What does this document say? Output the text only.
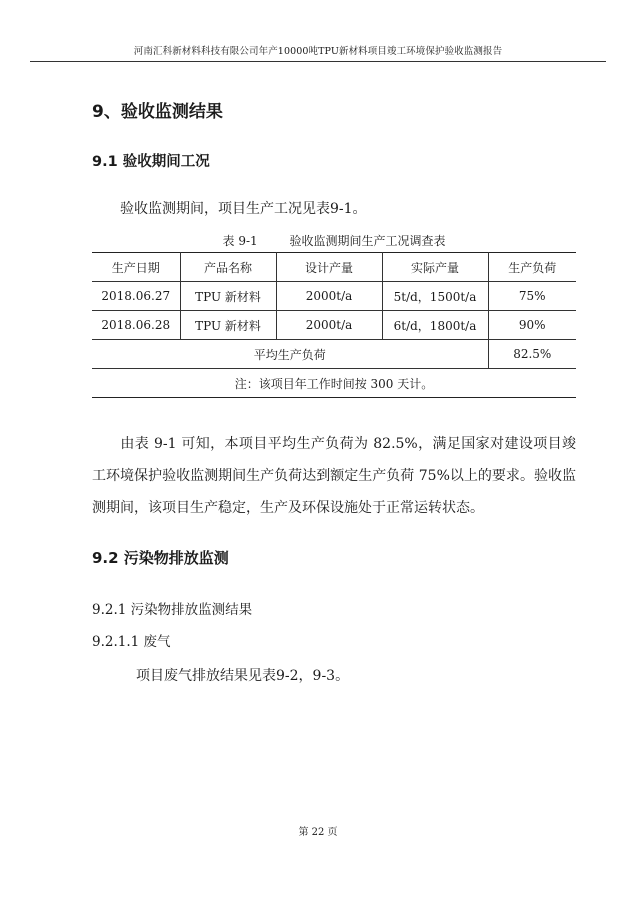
河南汇科新材料科技有限公司年产10000吨TPU新材料项目竣工环境保护验收监测报告
9、验收监测结果
9.1 验收期间工况
验收监测期间，项目生产工况见表9-1。
表 9-1	验收监测期间生产工况调查表
生产日期	产品名称	设计产量	实际产量	生产负荷
2018.06.27	TPU 新材料	2000t/a	5t/d，1500t/a	75%
2018.06.28	TPU 新材料	2000t/a	6t/d，1800t/a	90%
平均生产负荷				82.5%
注：该项目年工作时间按 300 天计。				
由表 9-1 可知，本项目平均生产负荷为 82.5%，满足国家对建设项目竣工环境保护验收监测期间生产负荷达到额定生产负荷 75%以上的要求。验收监测期间，该项目生产稳定，生产及环保设施处于正常运转状态。
9.2 污染物排放监测
9.2.1 污染物排放监测结果
9.2.1.1 废气
项目废气排放结果见表9-2，9-3。
第 22 页
